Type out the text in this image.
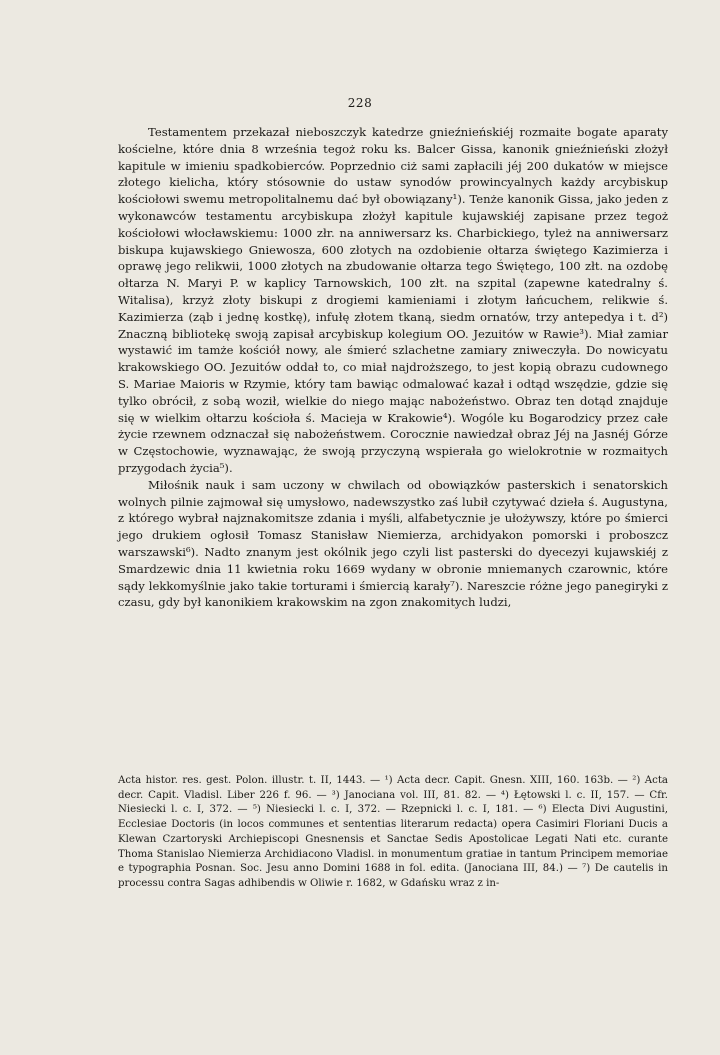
228

Testamentem przekazał nieboszczyk katedrze gnieźnieńskiéj rozmaite bogate aparaty kościelne, które dnia 8 września tegoż roku ks. Balcer Gissa, kanonik gnieźnieński złożył kapitule w imieniu spadkobierców. Poprzednio ciż sami zapłacili jéj 200 dukatów w miejsce złotego kielicha, który stósownie do ustaw synodów prowincyalnych każdy arcybiskup kościołowi swemu metropolitalnemu dać był obowiązany¹). Tenże kanonik Gissa, jako jeden z wykonawców testamentu arcybiskupa złożył kapitule kujawskiéj zapisane przez tegoż kościołowi włocławskiemu: 1000 złr. na anniwersarz ks. Charbickiego, tyleż na anniwersarz biskupa kujawskiego Gniewosza, 600 złotych na ozdobienie ołtarza świętego Kazimierza i oprawę jego relikwii, 1000 złotych na zbudowanie ołtarza tego Świętego, 100 złt. na ozdobę ołtarza N. Maryi P. w kaplicy Tarnowskich, 100 złt. na szpital (zapewne katedralny ś. Witalisa), krzyż złoty biskupi z drogiemi kamieniami i złotym łańcuchem, relikwie ś. Kazimierza (ząb i jednę kostkę), infułę złotem tkaną, siedm ornatów, trzy antepedya i t. d²) Znaczną bibliotekę swoją zapisał arcybiskup kolegium OO. Jezuitów w Rawie³). Miał zamiar wystawić im tamże kościół nowy, ale śmierć szlachetne zamiary zniweczyła. Do nowicyatu krakowskiego OO. Jezuitów oddał to, co miał najdroższego, to jest kopią obrazu cudownego S. Mariae Maioris w Rzymie, który tam bawiąc odmalować kazał i odtąd wszędzie, gdzie się tylko obrócił, z sobą woził, wielkie do niego mając nabożeństwo. Obraz ten dotąd znajduje się w wielkim ołtarzu kościoła ś. Macieja w Krakowie⁴). Wogóle ku Bogarodzicy przez całe życie rzewnem odznaczał się nabożeństwem. Corocznie nawiedzał obraz Jéj na Jasnéj Górze w Częstochowie, wyznawając, że swoją przyczyną wspierała go wielokrotnie w rozmaitych przygodach życia⁵).

Miłośnik nauk i sam uczony w chwilach od obowiązków pasterskich i senatorskich wolnych pilnie zajmował się umysłowo, nadewszystko zaś lubił czytywać dzieła ś. Augustyna, z którego wybrał najznakomitsze zdania i myśli, alfabetycznie je ułożywszy, które po śmierci jego drukiem ogłosił Tomasz Stanisław Niemierza, archidyakon pomorski i proboszcz warszawski⁶). Nadto znanym jest okólnik jego czyli list pasterski do dyecezyi kujawskiéj z Smardzewic dnia 11 kwietnia roku 1669 wydany w obronie mniemanych czarownic, które sądy lekkomyślnie jako takie torturami i śmiercią karały⁷). Nareszcie różne jego panegiryki z czasu, gdy był kanonikiem krakowskim na zgon znakomitych ludzi,

Acta histor. res. gest. Polon. illustr. t. II, 1443. — ¹) Acta decr. Capit. Gnesn. XIII, 160. 163b. — ²) Acta decr. Capit. Vladisl. Liber 226 f. 96. — ³) Janociana vol. III, 81. 82. — ⁴) Łętowski l. c. II, 157. — Cfr. Niesiecki l. c. I, 372. — ⁵) Niesiecki l. c. I, 372. — Rzepnicki l. c. I, 181. — ⁶) Electa Divi Augustini, Ecclesiae Doctoris (in locos communes et sententias literarum redacta) opera Casimiri Floriani Ducis a Klewan Czartoryski Archiepiscopi Gnesnensis et Sanctae Sedis Apostolicae Legati Nati etc. curante Thoma Stanislao Niemierza Archidiacono Vladisl. in monumentum gratiae in tantum Principem memoriae e typographia Posnan. Soc. Jesu anno Domini 1688 in fol. edita. (Janociana III, 84.) — ⁷) De cautelis in processu contra Sagas adhibendis w Oliwie r. 1682, w Gdańsku wraz z in-
